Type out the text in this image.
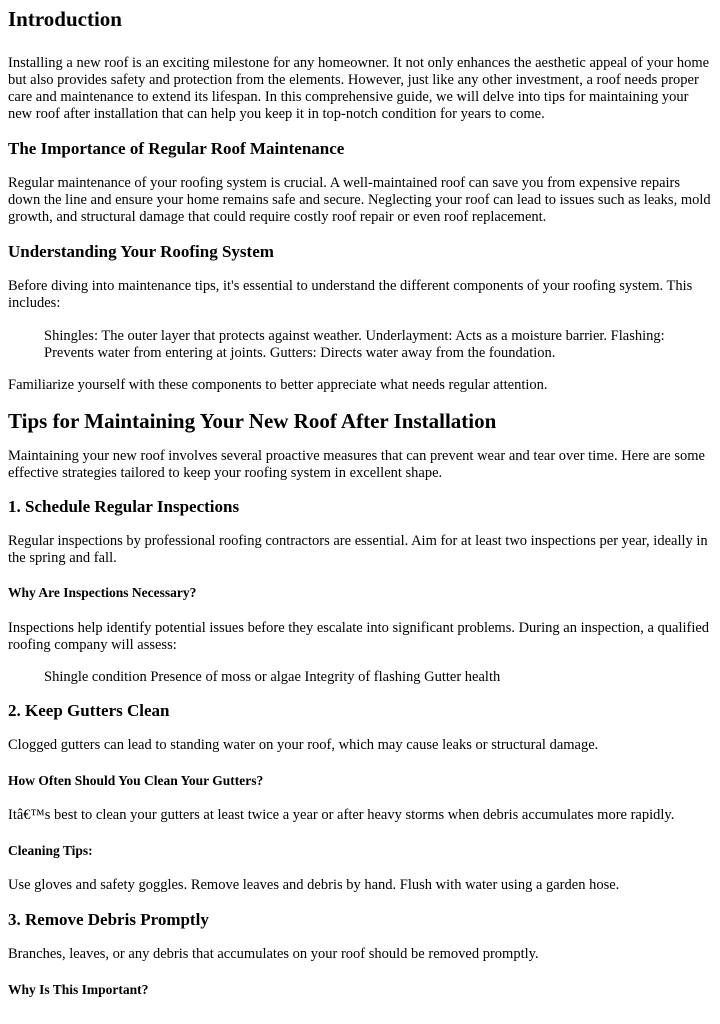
Introduction

Installing a new roof is an exciting milestone for any homeowner. It not only enhances the aesthetic appeal of your home but also provides safety and protection from the elements. However, just like any other investment, a roof needs proper care and maintenance to extend its lifespan. In this comprehensive guide, we will delve into tips for maintaining your new roof after installation that can help you keep it in top-notch condition for years to come.

The Importance of Regular Roof Maintenance

Regular maintenance of your roofing system is crucial. A well-maintained roof can save you from expensive repairs down the line and ensure your home remains safe and secure. Neglecting your roof can lead to issues such as leaks, mold growth, and structural damage that could require costly roof repair or even roof replacement.

Understanding Your Roofing System

Before diving into maintenance tips, it's essential to understand the different components of your roofing system. This includes:

Shingles: The outer layer that protects against weather. Underlayment: Acts as a moisture barrier. Flashing: Prevents water from entering at joints. Gutters: Directs water away from the foundation.

Familiarize yourself with these components to better appreciate what needs regular attention.

Tips for Maintaining Your New Roof After Installation

Maintaining your new roof involves several proactive measures that can prevent wear and tear over time. Here are some effective strategies tailored to keep your roofing system in excellent shape.

1. Schedule Regular Inspections

Regular inspections by professional roofing contractors are essential. Aim for at least two inspections per year, ideally in the spring and fall.

Why Are Inspections Necessary?

Inspections help identify potential issues before they escalate into significant problems. During an inspection, a qualified roofing company will assess:

Shingle condition Presence of moss or algae Integrity of flashing Gutter health
2. Keep Gutters Clean

Clogged gutters can lead to standing water on your roof, which may cause leaks or structural damage.

How Often Should You Clean Your Gutters?

Itâ€™s best to clean your gutters at least twice a year or after heavy storms when debris accumulates more rapidly.

Cleaning Tips:

Use gloves and safety goggles. Remove leaves and debris by hand. Flush with water using a garden hose.

3. Remove Debris Promptly

Branches, leaves, or any debris that accumulates on your roof should be removed promptly.

Why Is This Important?
